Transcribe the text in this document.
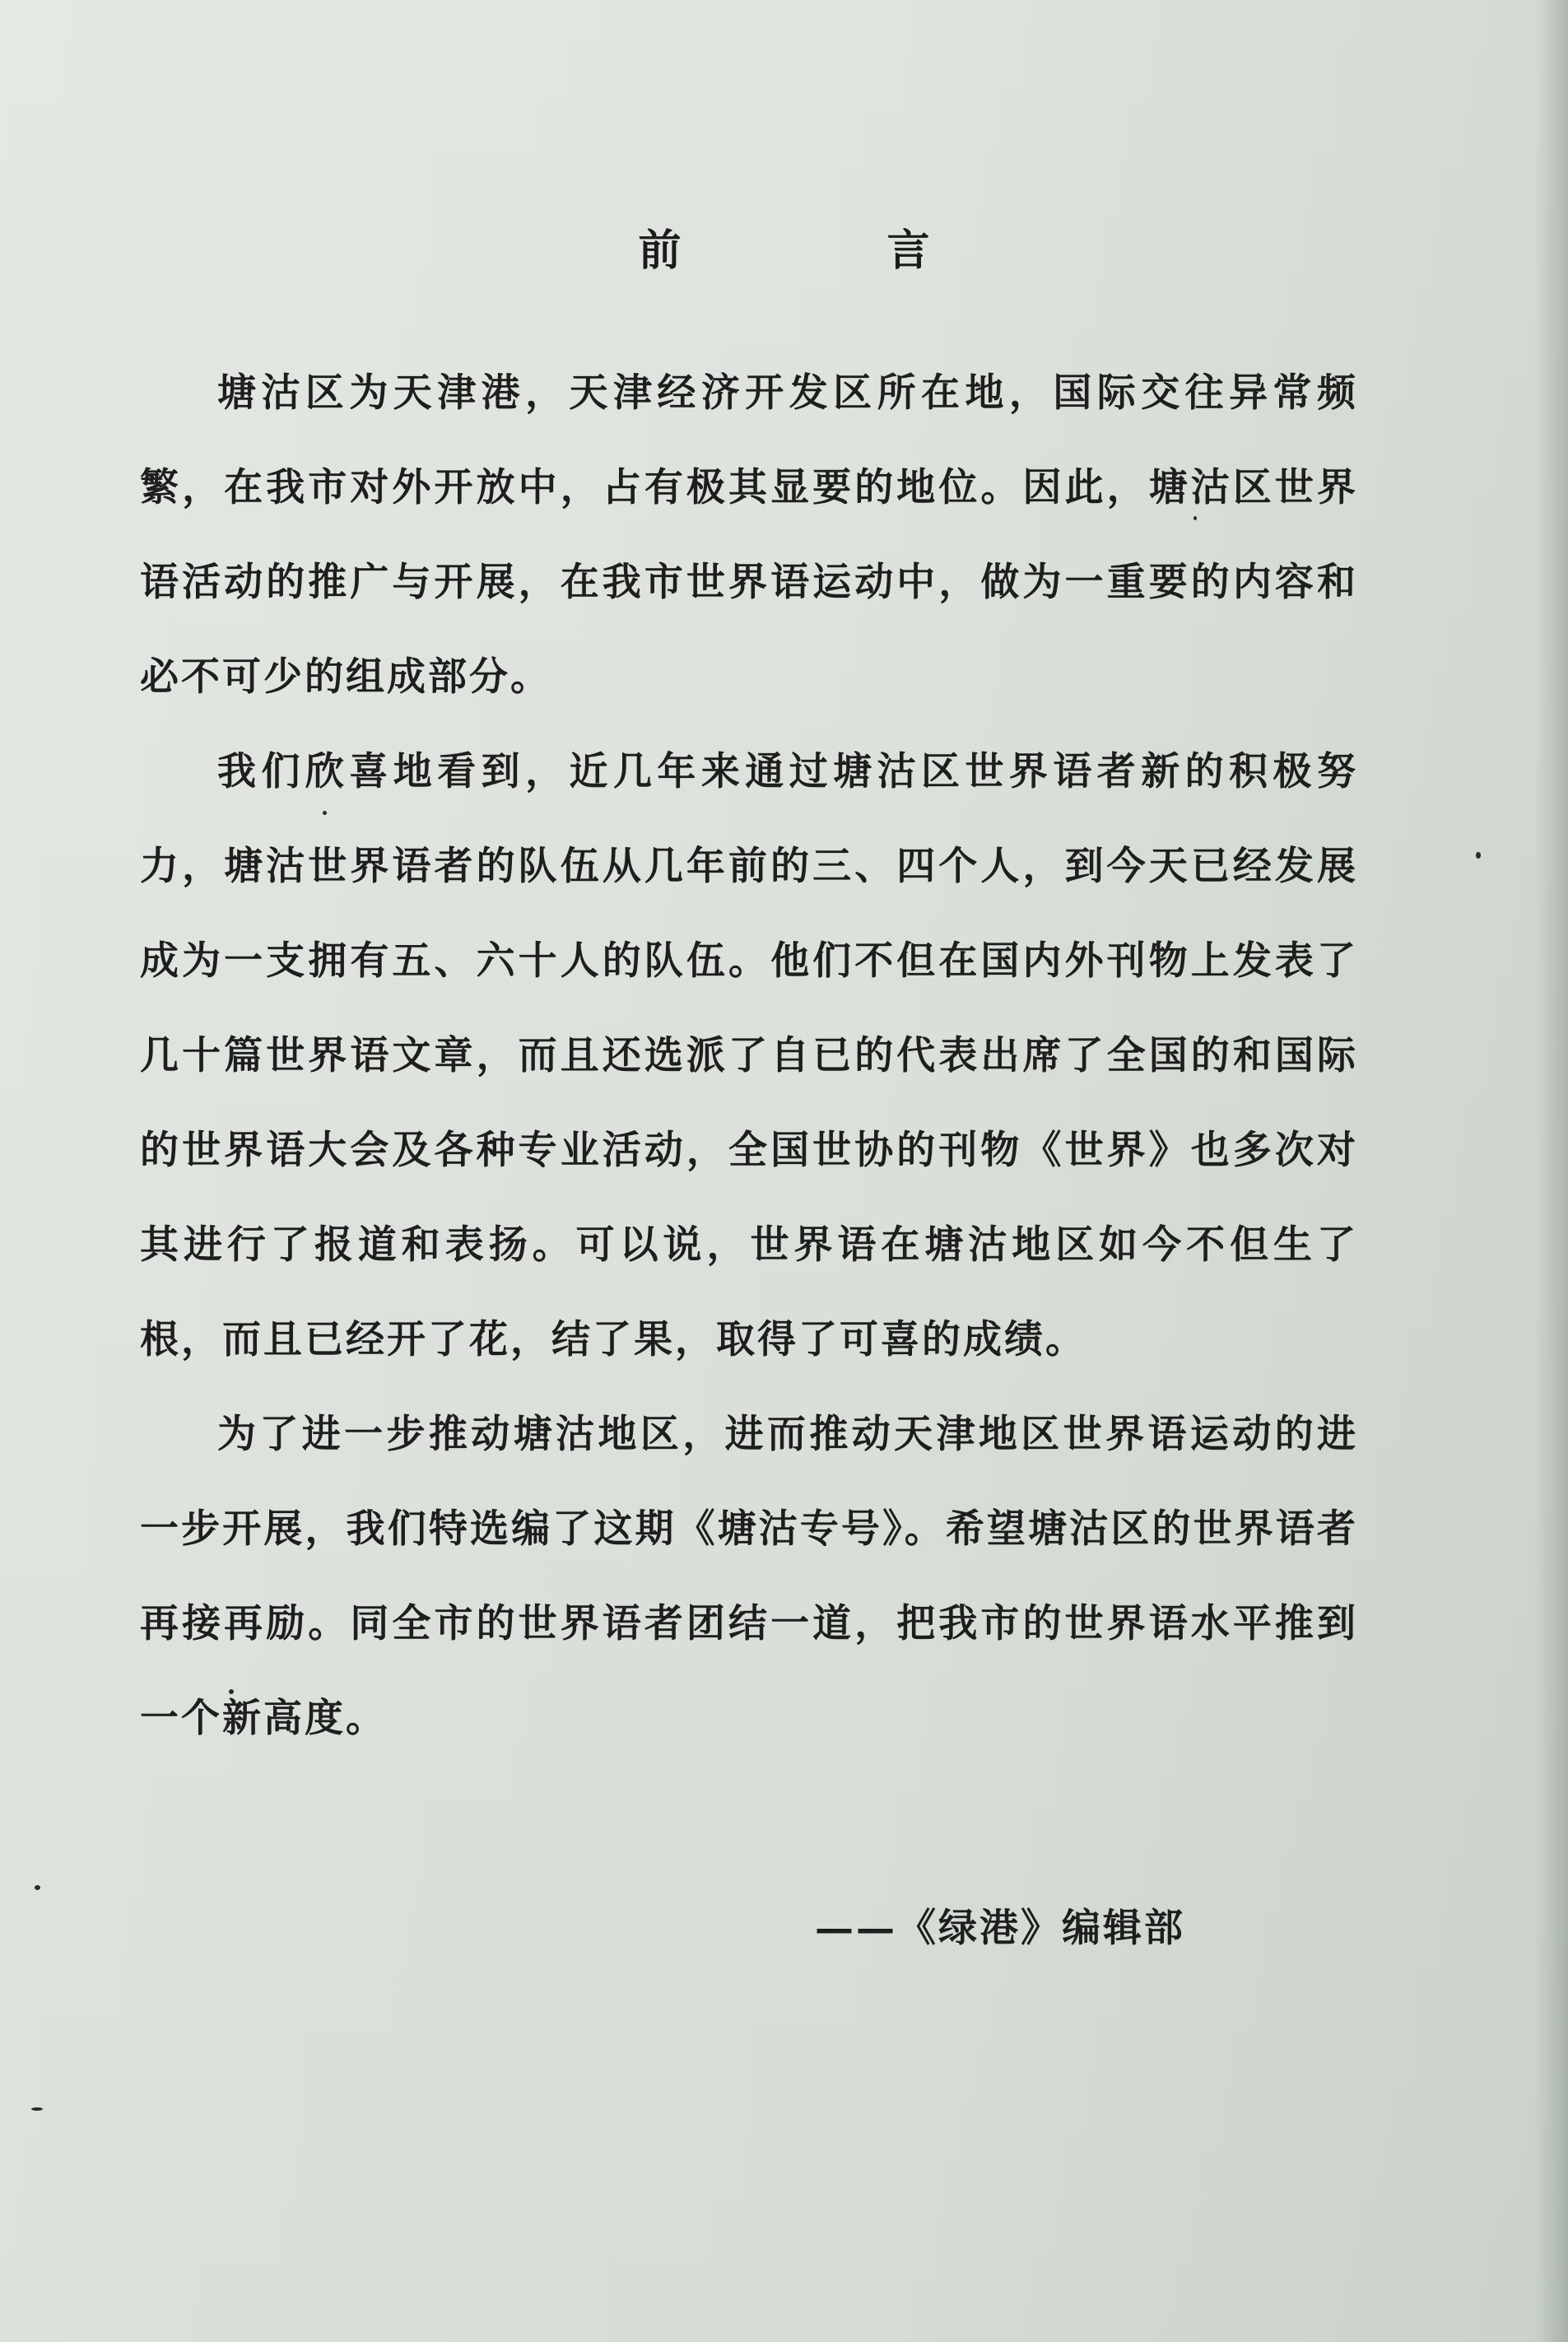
前	言

塘沽区为天津港，天津经济开发区所在地，国际交往异常频繁，在我市对外开放中，占有极其显要的地位。因此，塘沽区世界语活动的推广与开展，在我市世界语运动中，做为一重要的内容和必不可少的组成部分。

我们欣喜地看到，近几年来通过塘沽区世界语者新的积极努力，塘沽世界语者的队伍从几年前的三、四个人，到今天已经发展成为一支拥有五、六十人的队伍。他们不但在国内外刊物上发表了几十篇世界语文章，而且还选派了自已的代表出席了全国的和国际的世界语大会及各种专业活动，全国世协的刊物《世界》也多次对其进行了报道和表扬。可以说，世界语在塘沽地区如今不但生了根，而且已经开了花，结了果，取得了可喜的成绩。

为了进一步推动塘沽地区，进而推动天津地区世界语运动的进一步开展，我们特选编了这期《塘沽专号》。希望塘沽区的世界语者再接再励。同全市的世界语者团结一道，把我市的世界语水平推到一个新高度。

——《绿港》编辑部
